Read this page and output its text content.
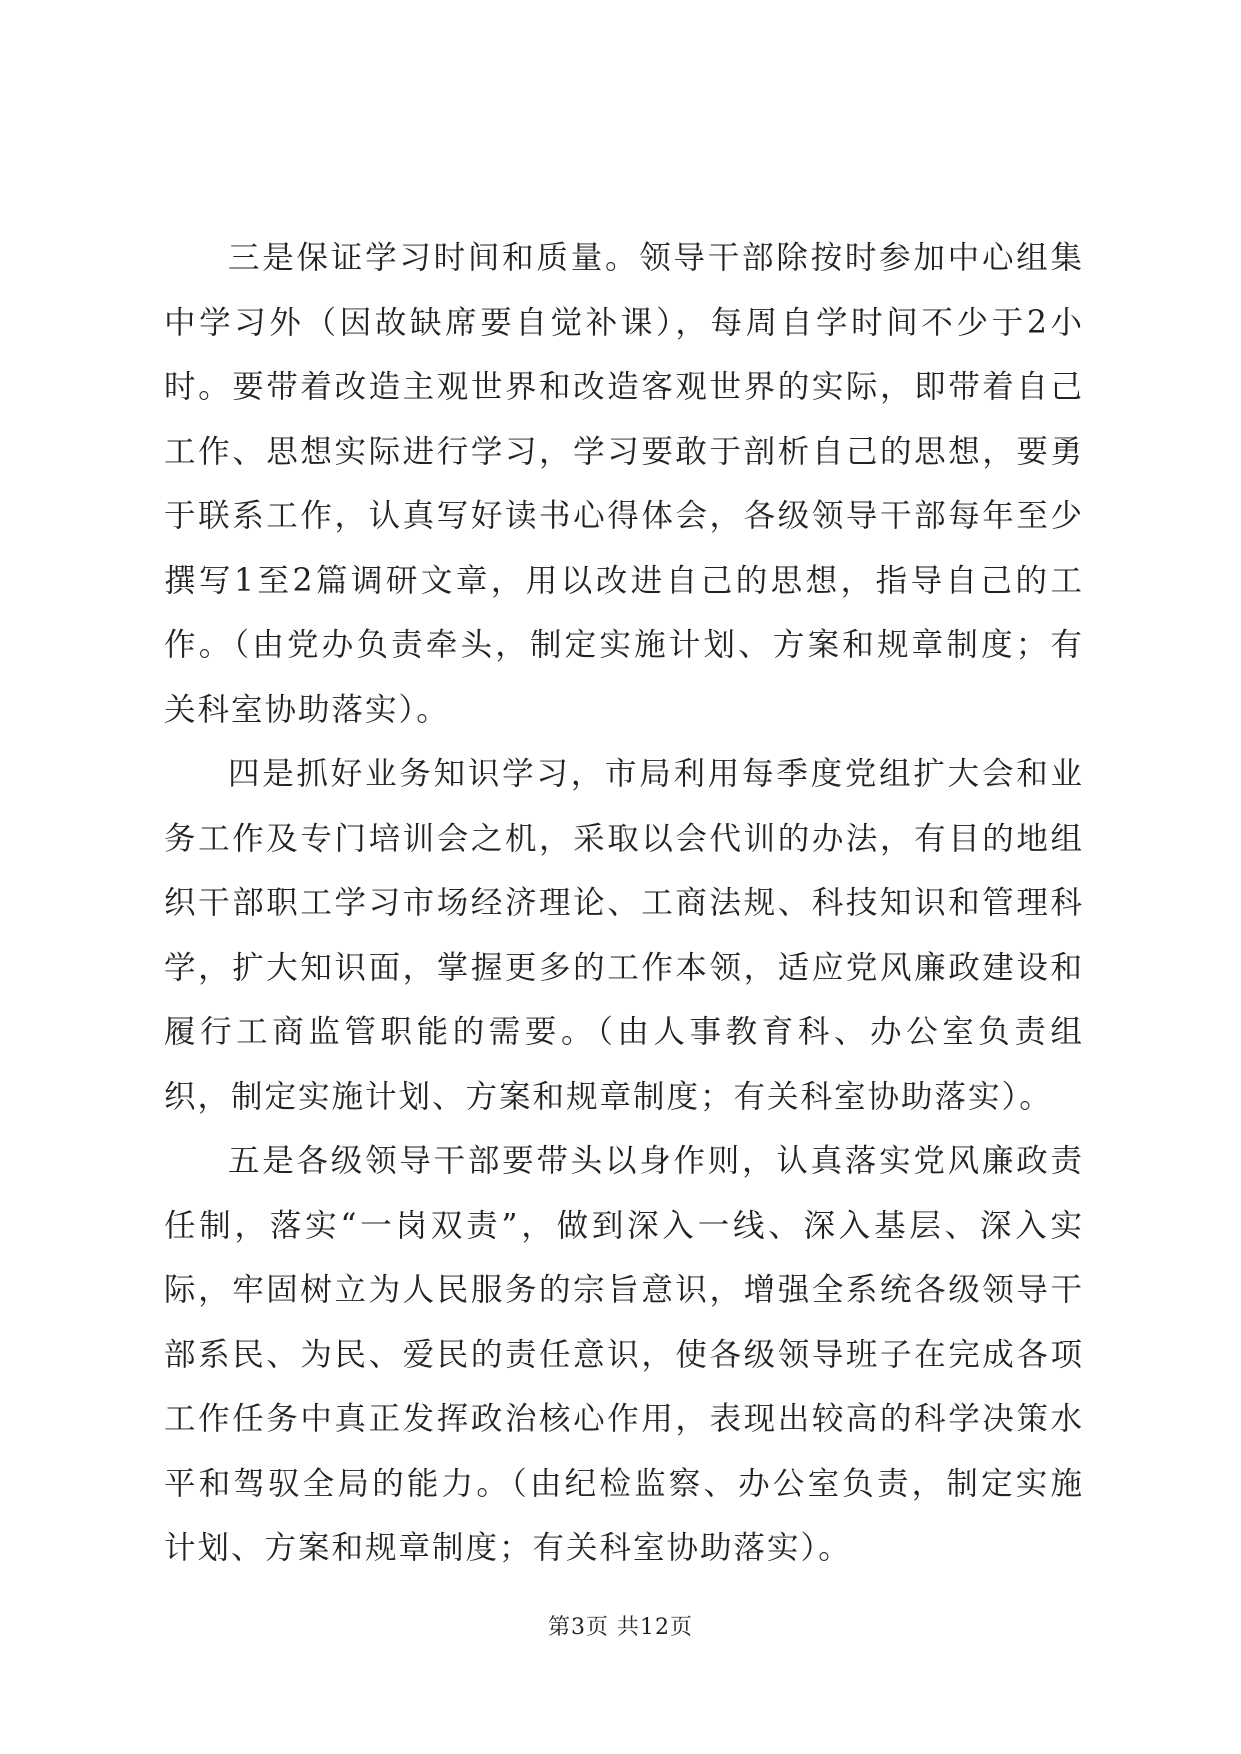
三是保证学习时间和质量。领导干部除按时参加中心组集中学习外（因故缺席要自觉补课），每周自学时间不少于2小时。要带着改造主观世界和改造客观世界的实际，即带着自己工作、思想实际进行学习，学习要敢于剖析自己的思想，要勇于联系工作，认真写好读书心得体会，各级领导干部每年至少撰写1至2篇调研文章，用以改进自己的思想，指导自己的工作。（由党办负责牵头，制定实施计划、方案和规章制度；有关科室协助落实）。

四是抓好业务知识学习，市局利用每季度党组扩大会和业务工作及专门培训会之机，采取以会代训的办法，有目的地组织干部职工学习市场经济理论、工商法规、科技知识和管理科学，扩大知识面，掌握更多的工作本领，适应党风廉政建设和履行工商监管职能的需要。（由人事教育科、办公室负责组织，制定实施计划、方案和规章制度；有关科室协助落实）。

五是各级领导干部要带头以身作则，认真落实党风廉政责任制，落实“一岗双责”，做到深入一线、深入基层、深入实际，牢固树立为人民服务的宗旨意识，增强全系统各级领导干部系民、为民、爱民的责任意识，使各级领导班子在完成各项工作任务中真正发挥政治核心作用，表现出较高的科学决策水平和驾驭全局的能力。（由纪检监察、办公室负责，制定实施计划、方案和规章制度；有关科室协助落实）。

第3页 共12页
